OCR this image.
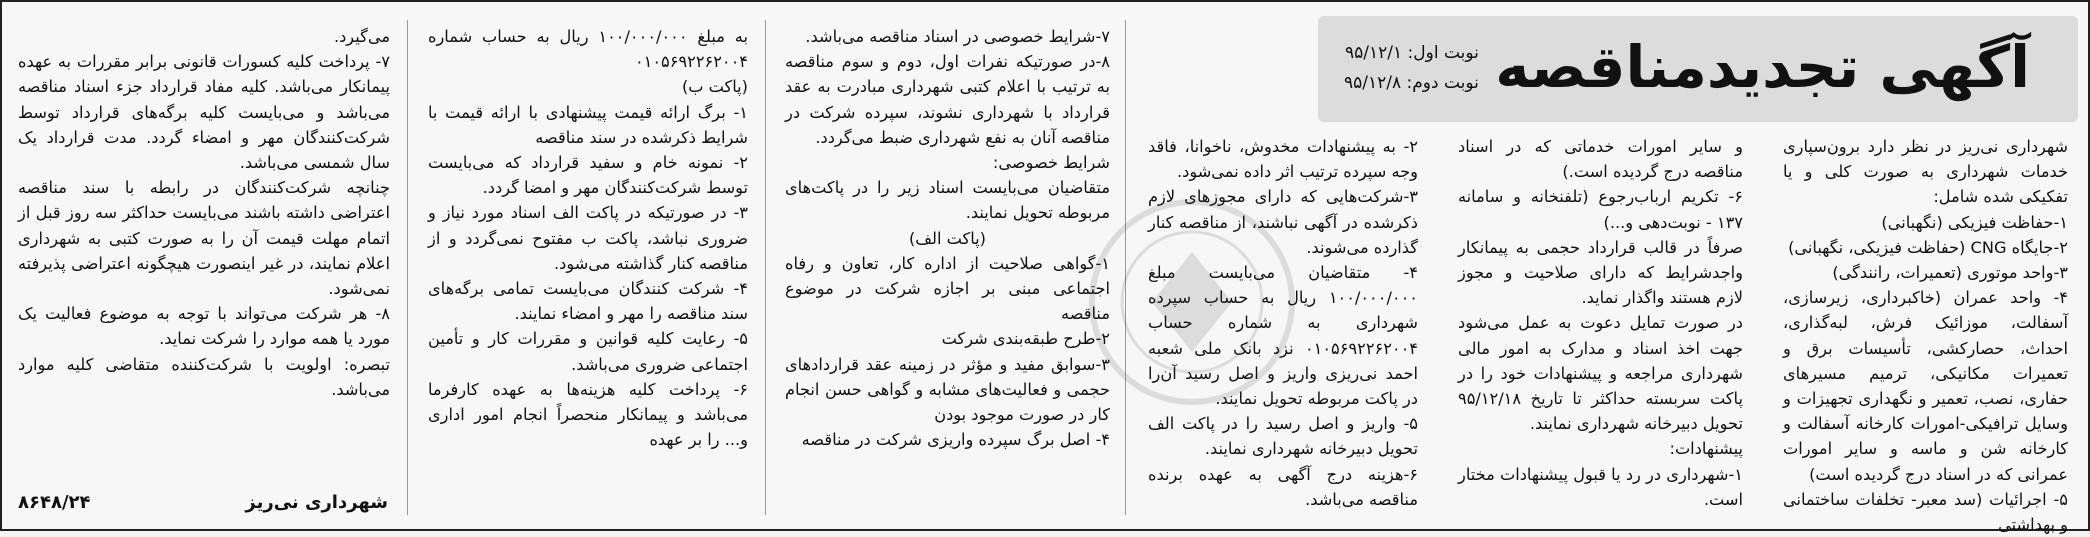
آگهی تجدیدمناقصه
نوبت اول: ۹۵/۱۲/۱
نوبت دوم: ۹۵/۱۲/۸

شهرداری نی‌ریز در نظر دارد برون‌سپاری خدمات شهرداری به صورت کلی و یا تفکیکی شده شامل:

۱-حفاظت فیزیکی (نگهبانی)

۲-جایگاه CNG (حفاظت فیزیکی، نگهبانی)

۳-واحد موتوری (تعمیرات، رانندگی)

۴- واحد عمران (خاکبرداری، زیرسازی، آسفالت، موزائیک فرش، لبه‌گذاری، احداث، حصارکشی، تأسیسات برق و تعمیرات مکانیکی، ترمیم مسیرهای حفاری، نصب، تعمیر و نگهداری تجهیزات و وسایل ترافیکی-امورات کارخانه آسفالت و کارخانه شن و ماسه و سایر امورات عمرانی که در اسناد درج گردیده است)

۵- اجرائیات (سد معبر- تخلفات ساختمانی و بهداشتی

و سایر امورات خدماتی که در اسناد مناقصه درج گردیده است.)

۶- تکریم ارباب‌رجوع (تلفنخانه و سامانه ۱۳۷ - نوبت‌دهی و...)

صرفاً در قالب قرارداد حجمی به پیمانکار واجدشرایط که دارای صلاحیت و مجوز لازم هستند واگذار نماید.

در صورت تمایل دعوت به عمل می‌شود جهت اخذ اسناد و مدارک به امور مالی شهرداری مراجعه و پیشنهادات خود را در پاکت سربسته حداکثر تا تاریخ ۹۵/۱۲/۱۸ تحویل دبیرخانه شهرداری نمایند.

پیشنهادات:

۱-شهرداری در رد یا قبول پیشنهادات مختار است.

۲- به پیشنهادات مخدوش، ناخوانا، فاقد وجه سپرده ترتیب اثر داده نمی‌شود.

۳-شرکت‌هایی که دارای مجوزهای لازم ذکرشده در آگهی نباشند، از مناقصه کنار گذارده می‌شوند.

۴- متقاضیان می‌بایست مبلغ ۱۰۰/۰۰۰/۰۰۰ ریال به حساب سپرده شهرداری به شماره حساب ۰۱۰۵۶۹۲۲۶۲۰۰۴ نزد بانک ملی شعبه احمد نی‌ریزی واریز و اصل رسید آن‌را در پاکت مربوطه تحویل نمایند.

۵- واریز و اصل رسید را در پاکت الف تحویل دبیرخانه شهرداری نمایند.

۶-هزینه درج آگهی به عهده برنده مناقصه می‌باشد.

۷-شرایط خصوصی در اسناد مناقصه می‌باشد.

۸-در صورتیکه نفرات اول، دوم و سوم مناقصه به ترتیب با اعلام کتبی شهرداری مبادرت به عقد قرارداد با شهرداری نشوند، سپرده شرکت در مناقصه آنان به نفع شهرداری ضبط می‌گردد.

شرایط خصوصی:

متقاضیان می‌بایست اسناد زیر را در پاکت‌های مربوطه تحویل نمایند.

(پاکت الف)

۱-گواهی صلاحیت از اداره کار، تعاون و رفاه اجتماعی مبنی بر اجازه شرکت در موضوع مناقصه

۲-طرح طبقه‌بندی شرکت

۳-سوابق مفید و مؤثر در زمینه عقد قراردادهای حجمی و فعالیت‌های مشابه و گواهی حسن انجام کار در صورت موجود بودن

۴- اصل برگ سپرده واریزی شرکت در مناقصه

به مبلغ ۱۰۰/۰۰۰/۰۰۰ ریال به حساب شماره ۰۱۰۵۶۹۲۲۶۲۰۰۴

(پاکت ب)

۱- برگ ارائه قیمت پیشنهادی با ارائه قیمت با شرایط ذکرشده در سند مناقصه

۲- نمونه خام و سفید قرارداد که می‌بایست توسط شرکت‌کنندگان مهر و امضا گردد.

۳- در صورتیکه در پاکت الف اسناد مورد نیاز و ضروری نباشد، پاکت ب مفتوح نمی‌گردد و از مناقصه کنار گذاشته می‌شود.

۴- شرکت کنندگان می‌بایست تمامی برگه‌های سند مناقصه را مهر و امضاء نمایند.

۵- رعایت کلیه قوانین و مقررات کار و تأمین اجتماعی ضروری می‌باشد.

۶- پرداخت کلیه هزینه‌ها به عهده کارفرما می‌باشد و پیمانکار منحصراً انجام امور اداری و... را بر عهده

می‌گیرد.

۷- پرداخت کلیه کسورات قانونی برابر مقررات به عهده پیمانکار می‌باشد. کلیه مفاد قرارداد جزء اسناد مناقصه می‌باشد و می‌بایست کلیه برگه‌های قرارداد توسط شرکت‌کنندگان مهر و امضاء گردد. مدت قرارداد یک سال شمسی می‌باشد.

چنانچه شرکت‌کنندگان در رابطه با سند مناقصه اعتراضی داشته باشند می‌بایست حداکثر سه روز قبل از اتمام مهلت قیمت آن را به صورت کتبی به شهرداری اعلام نمایند، در غیر اینصورت هیچگونه اعتراضی پذیرفته نمی‌شود.

۸- هر شرکت می‌تواند با توجه به موضوع فعالیت یک مورد یا همه موارد را شرکت نماید.

تبصره: اولویت با شرکت‌کننده متقاضی کلیه موارد می‌باشد.

شهرداری نی‌ریز
۸۶۴۸/۲۴
